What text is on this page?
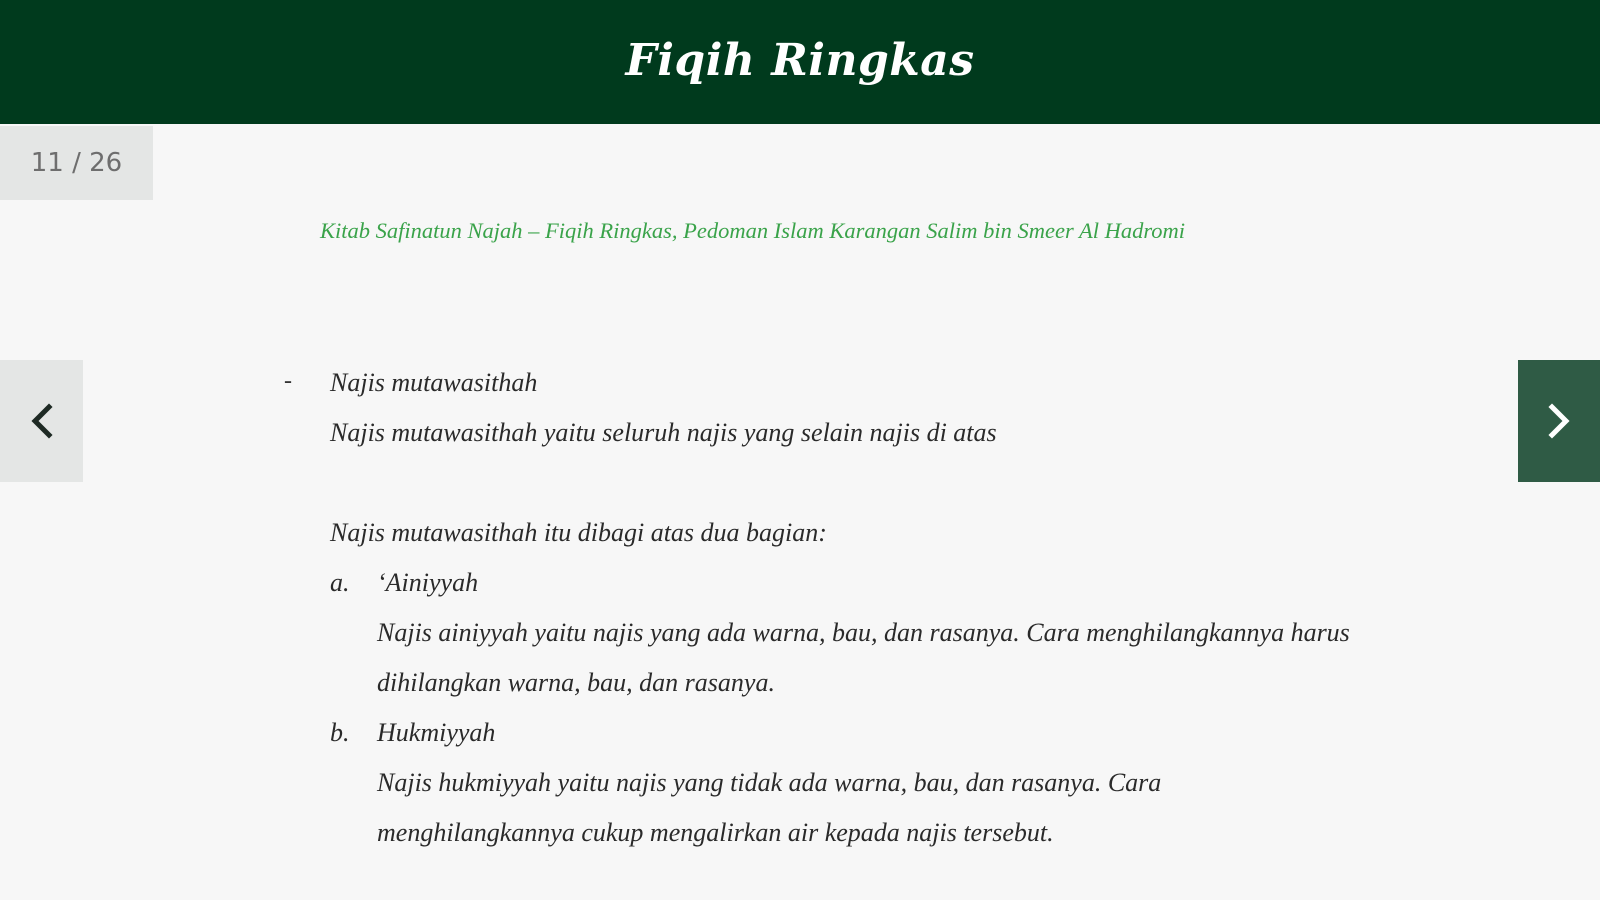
Fiqih Ringkas
11 / 26
Kitab Safinatun Najah – Fiqih Ringkas, Pedoman Islam Karangan Salim bin Smeer Al Hadromi
- Najis mutawasithah
Najis mutawasithah yaitu seluruh najis yang selain najis di atas
Najis mutawasithah itu dibagi atas dua bagian:
a. ‘Ainiyyah
Najis ainiyyah yaitu najis yang ada warna, bau, dan rasanya. Cara menghilangkannya harus
dihilangkan warna, bau, dan rasanya.
b. Hukmiyyah
Najis hukmiyyah yaitu najis yang tidak ada warna, bau, dan rasanya. Cara
menghilangkannya cukup mengalirkan air kepada najis tersebut.
